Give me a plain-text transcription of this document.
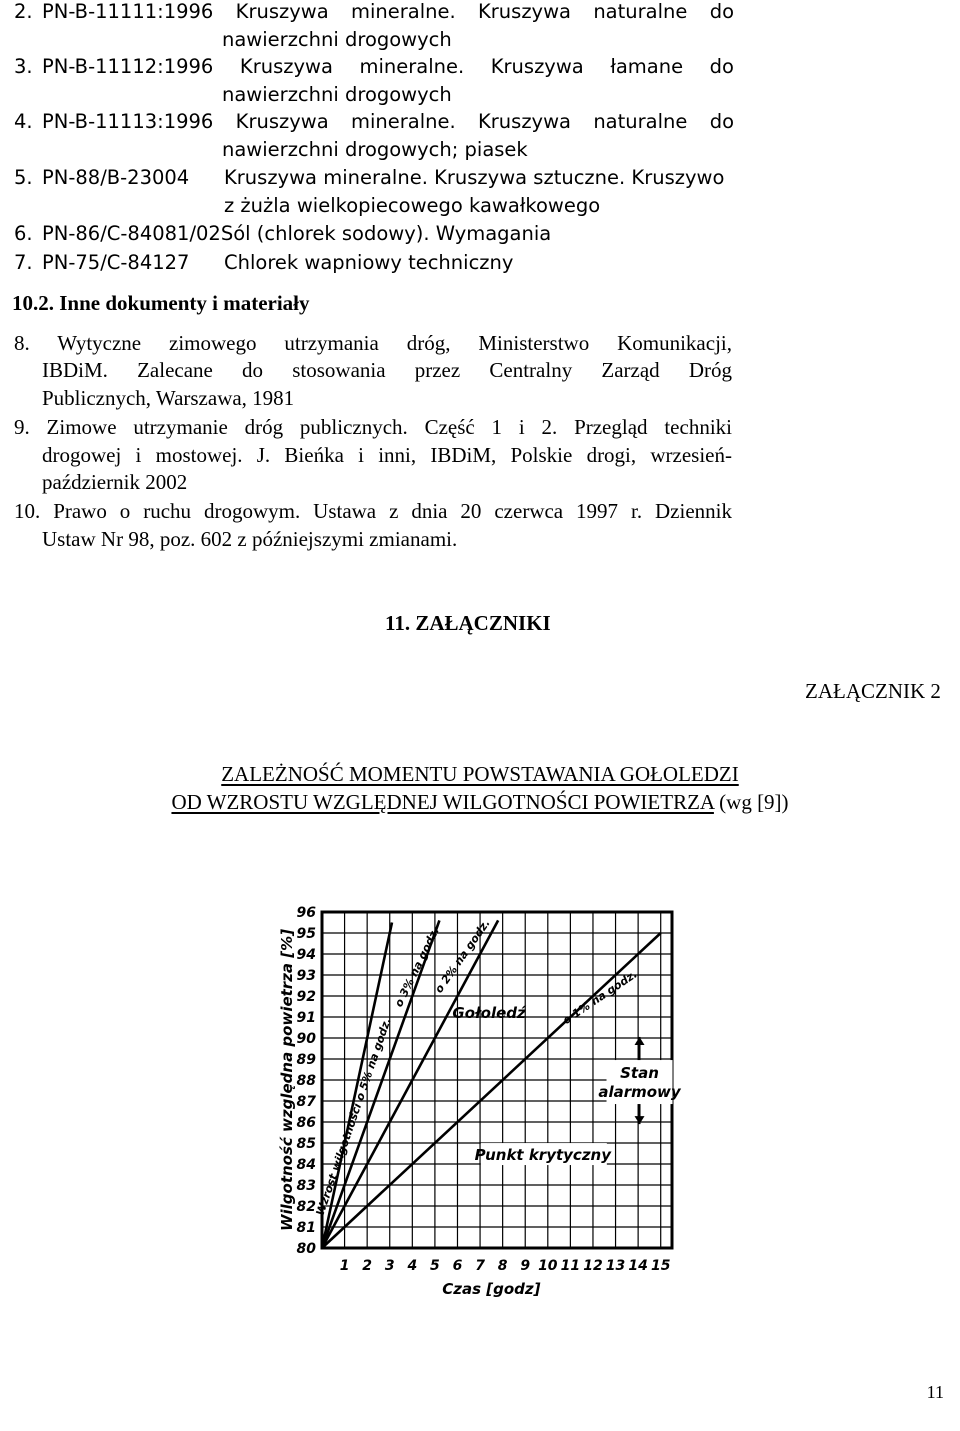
2. PN-B-11111:1996 Kruszywa mineralne. Kruszywa naturalne do
nawierzchni drogowych
3. PN-B-11112:1996 Kruszywa mineralne. Kruszywa łamane do
nawierzchni drogowych
4. PN-B-11113:1996 Kruszywa mineralne. Kruszywa naturalne do
nawierzchni drogowych; piasek
5. PN-88/B-23004 Kruszywa mineralne. Kruszywa sztuczne. Kruszywo
z żużla wielkopiecowego kawałkowego
6. PN-86/C-84081/02Sól (chlorek sodowy). Wymagania
7. PN-75/C-84127 Chlorek wapniowy techniczny
10.2. Inne dokumenty i materiały
8. Wytyczne zimowego utrzymania dróg, Ministerstwo Komunikacji,
IBDiM. Zalecane do stosowania przez Centralny Zarząd Dróg
Publicznych, Warszawa, 1981
9. Zimowe utrzymanie dróg publicznych. Część 1 i 2. Przegląd techniki
drogowej i mostowej. J. Bieńka i inni, IBDiM, Polskie drogi, wrzesień-
październik 2002
10. Prawo o ruchu drogowym. Ustawa z dnia 20 czerwca 1997 r. Dziennik
Ustaw Nr 98, poz. 602 z późniejszymi zmianami.
11. ZAŁĄCZNIKI
ZAŁĄCZNIK 2
ZALEŻNOŚĆ MOMENTU POWSTAWANIA GOŁOLEDZI
OD WZROSTU WZGLĘDNEJ WILGOTNOŚCI POWIETRZA (wg [9])
80
81
82
83
84
85
86
87
88
89
90
91
92
93
94
95
96
1 2 3 4 5 6 7 8 9 10 11 12 13 14 15
Wilgotność względna powietrza [%]
Czas [godz]
Wzrost wilgotności o 5% na godz.
o 3% na godz.
o 2% na godz.
o 1% na godz.
Gołoledź
Stan
alarmowy
Punkt krytyczny
11
